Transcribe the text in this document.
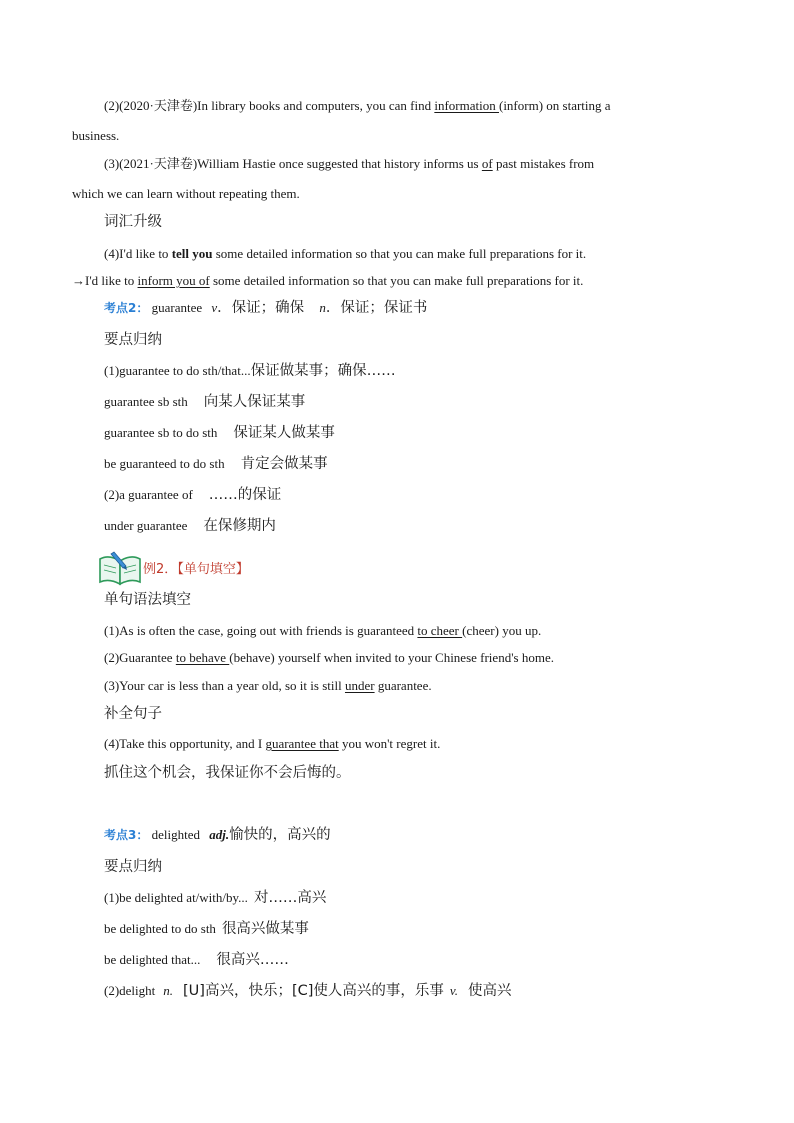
(2)(2020·天津卷)In library books and computers, you can find information (inform) on starting a
business.
(3)(2021·天津卷)William Hastie once suggested that history informs us of past mistakes from
which we can learn without repeating them.
词汇升级
(4)I'd like to tell you some detailed information so that you can make full preparations for it.
→I'd like to inform you of some detailed information so that you can make full preparations for it.
考点2： guarantee v．保证；确保 n．保证；保证书
要点归纳
(1)guarantee to do sth/that...保证做某事；确保……
guarantee sb sth 向某人保证某事
guarantee sb to do sth 保证某人做某事
be guaranteed to do sth 肯定会做某事
(2)a guarantee of ……的保证
under guarantee 在保修期内
例2．【单句填空】
单句语法填空
(1)As is often the case, going out with friends is guaranteed to cheer (cheer) you up.
(2)Guarantee to behave (behave) yourself when invited to your Chinese friend's home.
(3)Your car is less than a year old, so it is still under guarantee.
补全句子
(4)Take this opportunity, and I guarantee that you won't regret it.
抓住这个机会，我保证你不会后悔的。
考点3： delighted adj.愉快的，高兴的
要点归纳
(1)be delighted at/with/by... 对……高兴
be delighted to do sth 很高兴做某事
be delighted that... 很高兴……
(2)delight n. [U]高兴，快乐；[C]使人高兴的事，乐事 v. 使高兴
